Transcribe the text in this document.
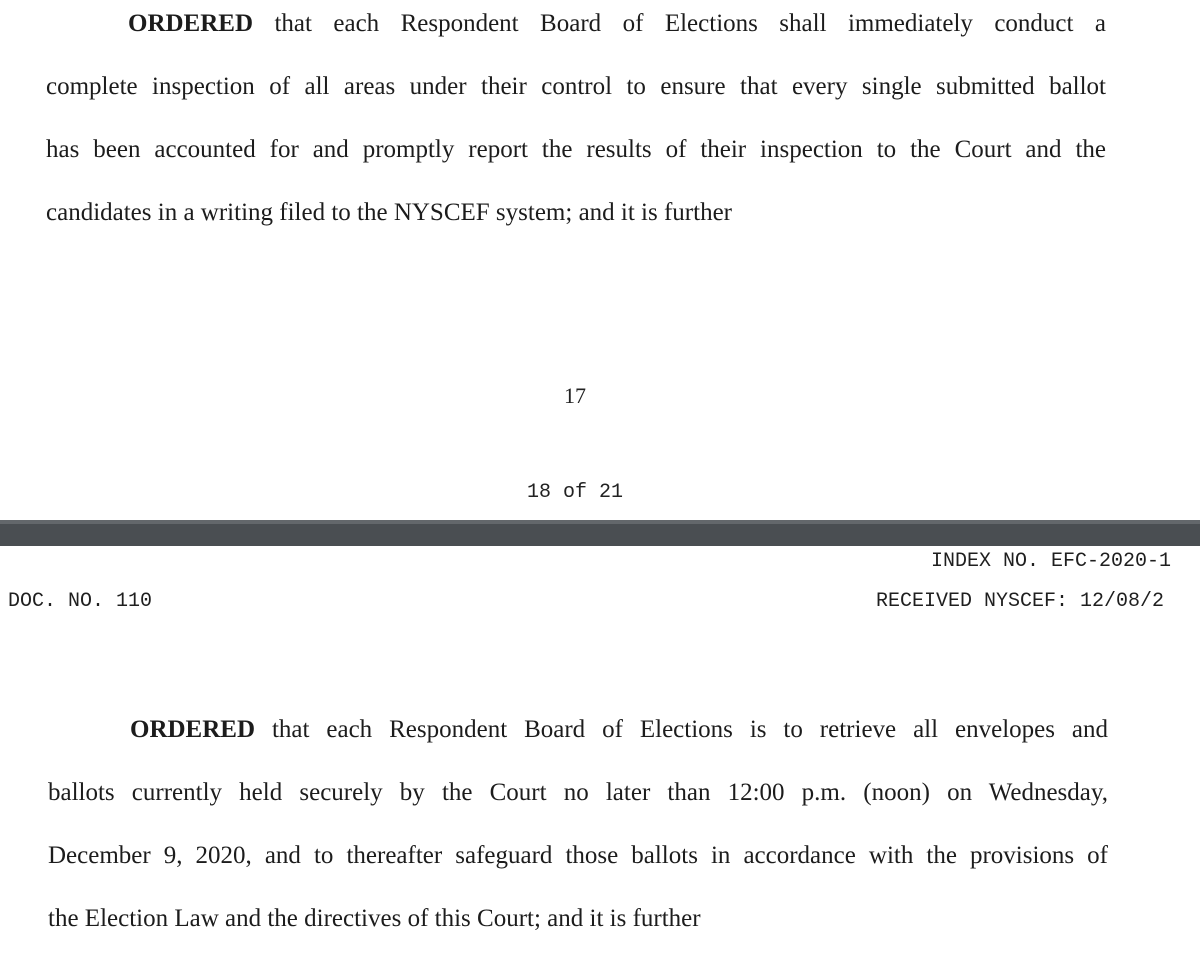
ORDERED that each Respondent Board of Elections shall immediately conduct a
complete inspection of all areas under their control to ensure that every single submitted ballot
has been accounted for and promptly report the results of their inspection to the Court and the
candidates in a writing filed to the NYSCEF system; and it is further
17
18 of 21
INDEX NO. EFC-2020-1
DOC. NO. 110	RECEIVED NYSCEF: 12/08/2
ORDERED that each Respondent Board of Elections is to retrieve all envelopes and
ballots currently held securely by the Court no later than 12:00 p.m. (noon) on Wednesday,
December 9, 2020, and to thereafter safeguard those ballots in accordance with the provisions of
the Election Law and the directives of this Court; and it is further
